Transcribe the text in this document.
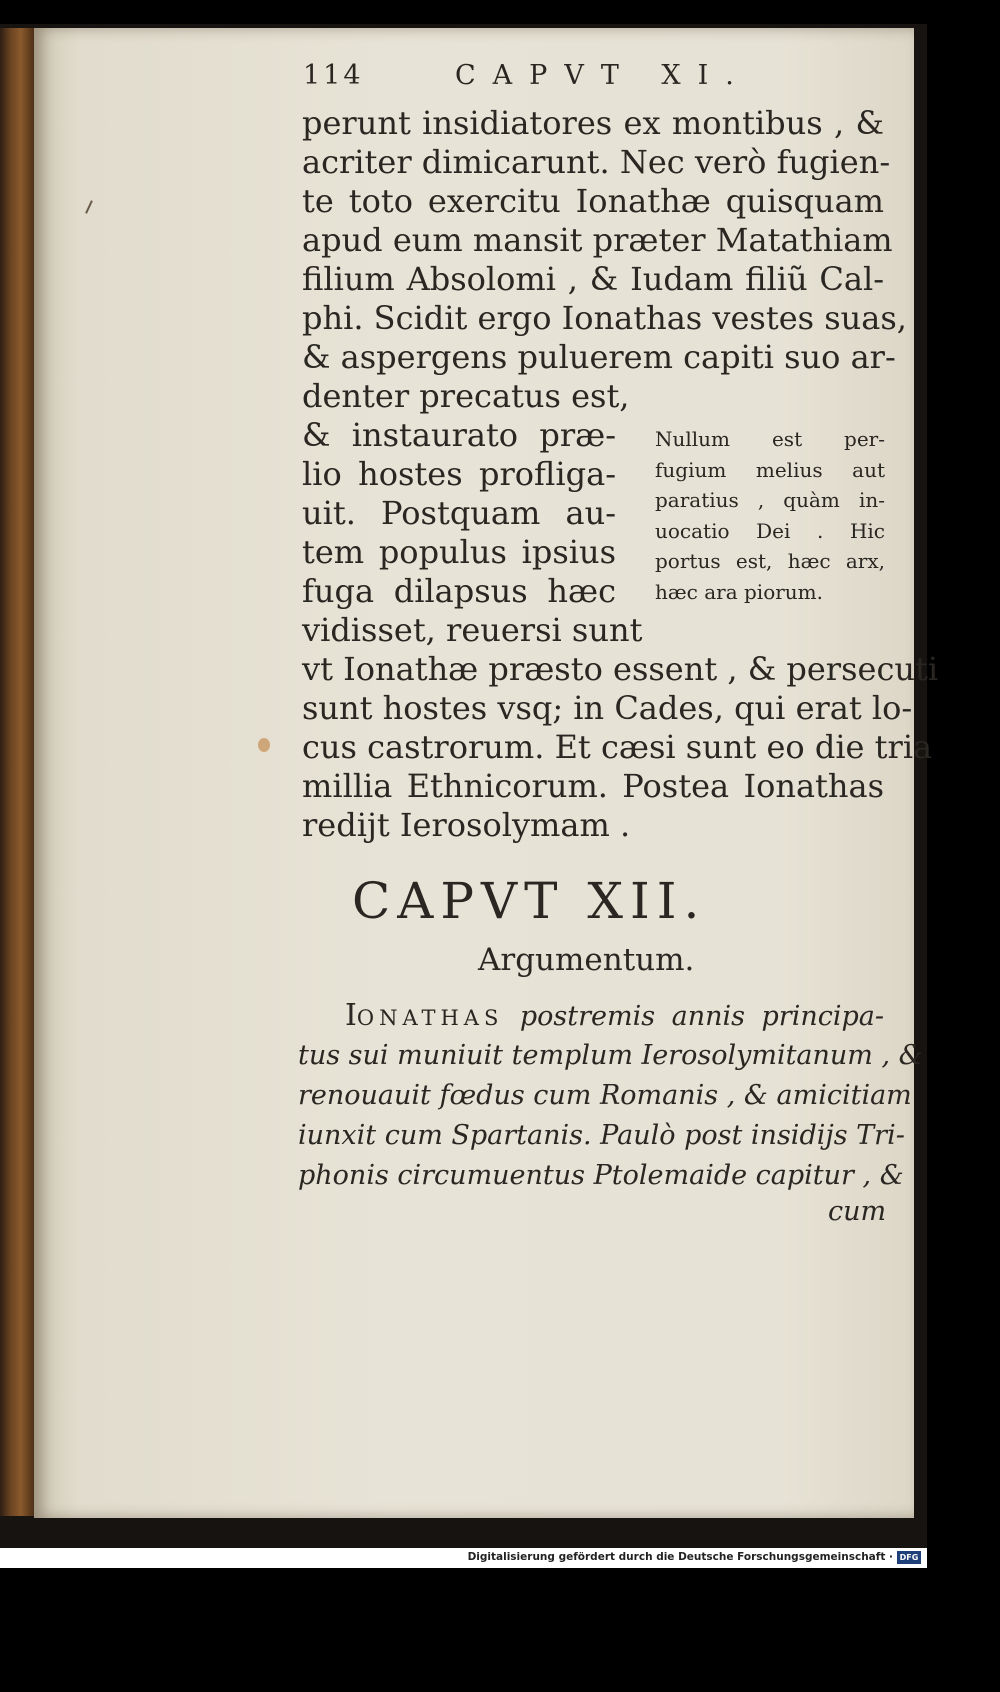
114	CAPVT XI.
perunt insidiatores ex montibus , &
acriter dimicarunt. Nec verò fugien-
te toto exercitu Ionathæ quisquam
apud eum mansit præter Matathiam
filium Absolomi , & Iudam filiũ Cal-
phi. Scidit ergo Ionathas vestes suas,
& aspergens puluerem capiti suo ar-
denter precatus est,
& instaurato præ-
lio hostes profliga-
uit. Postquam au-
tem populus ipsius
fuga dilapsus hæc
vidisset, reuersi sunt
Nullum est per-
fugium melius aut
paratius , quàm in-
uocatio Dei . Hic
portus est, hæc arx,
hæc ara piorum.
vt Ionathæ præsto essent , & persecuti
sunt hostes vsq; in Cades, qui erat lo-
cus castrorum. Et cæsi sunt eo die tria
millia Ethnicorum. Postea Ionathas
redijt Ierosolymam .
CAPVT XII.
Argumentum.
IONATHAS postremis annis principa-
tus sui muniuit templum Ierosolymitanum , &
renouauit fœdus cum Romanis , & amicitiam
iunxit cum Spartanis. Paulò post insidijs Tri-
phonis circumuentus Ptolemaide capitur , &
cum
Digitalisierung gefördert durch die Deutsche Forschungsgemeinschaft · DFG
